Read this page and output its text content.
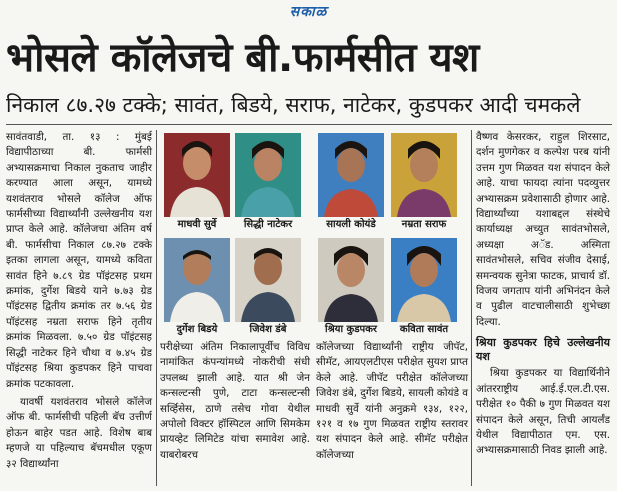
सकाळ
भोसले कॉलेजचे बी.फार्मसीत यश
निकाल ८७.२७ टक्के; सावंत, बिडये, सराफ, नाटेकर, कुडपकर आदी चमकले

सावंतवाडी, ता. १३ : मुंबई विद्यापीठाच्या बी. फार्मसी अभ्यासक्रमाचा निकाल नुकताच जाहीर करण्यात आला असून, यामध्ये यशवंतराव भोसले कॉलेज ऑफ फार्मसीच्या विद्यार्थ्यांनी उल्लेखनीय यश प्राप्त केले आहे. कॉलेजचा अंतिम वर्ष बी. फार्मसीचा निकाल ८७.२७ टक्के इतका लागला असून, यामध्ये कविता सावंत हिने ७.८९ ग्रेड पॉइंटसह प्रथम क्रमांक, दुर्गेश बिडये याने ७.७३ ग्रेड पॉइंटसह द्वितीय क्रमांक तर ७.५६ ग्रेड पॉइंटसह नम्रता सराफ हिने तृतीय क्रमांक मिळवला. ७.५० ग्रेड पॉइंटसह सिद्धी नाटेकर हिने चौथा व ७.४५ ग्रेड पॉइंटसह श्रिया कुडपकर हिने पाचवा क्रमांक पटकावला.

यावर्षी यशवंतराव भोसले कॉलेज ऑफ बी. फार्मसीची पहिली बॅच उत्तीर्ण होऊन बाहेर पडत आहे. विशेष बाब म्हणजे या पहिल्याच बॅचमधील एकूण ३२ विद्यार्थ्यांना

माधवी सुर्वे	सिद्धी नाटेकर	सायली कोयंडे	नम्रता सराफ
दुर्गेश बिडये	जिवेश डंबे	श्रिया कुडपकर	कविता सावंत

परीक्षेच्या अंतिम निकालापूर्वीच विविध नामांकित कंपन्यांमध्ये नोकरीची संधी उपलब्ध झाली आहे. यात श्री जेन कन्सल्टन्सी पुणे, टाटा कन्सल्टन्सी सर्व्हिसेस, ठाणे तसेच गोवा येथील अपोलो विक्टर हॉस्पिटल आणि सिमकेम प्रायव्हेट लिमिटेड यांचा समावेश आहे. याबरोबरच

कॉलेजच्या विद्यार्थ्यांनी राष्ट्रीय जीपॅट, सीमॅट, आयएलटीएस परीक्षेत सुयश प्राप्त केले आहे. जीपॅट परीक्षेत कॉलेजच्या जिवेश डंबे, दुर्गेश बिडये, सायली कोयंडे व माधवी सुर्वे यांनी अनुक्रमे १३४, १२२, १२१ व १७ गुण मिळवत राष्ट्रीय स्तरावर यश संपादन केले आहे. सीमॅट परीक्षेत कॉलेजच्या

वैष्णव केसरकर, राहुल शिरसाट, दर्शन मुणगेकर व कल्पेश परब यांनी उत्तम गुण मिळवत यश संपादन केले आहे. याचा फायदा त्यांना पदव्युत्तर अभ्यासक्रम प्रवेशासाठी होणार आहे. विद्यार्थ्यांच्या यशाबद्दल संस्थेचे कार्याध्यक्ष अच्युत सावंतभोसले, अध्यक्षा अॅड. अस्मिता सावंतभोसले, सचिव संजीव देसाई, समन्वयक सुनेत्रा फाटक, प्राचार्य डॉ. विजय जगताप यांनी अभिनंदन केले व पुढील वाटचालीसाठी शुभेच्छा दिल्या.

श्रिया कुडपकर हिचे उल्लेखनीय यश

श्रिया कुडपकर या विद्यार्थिनीने आंतरराष्ट्रीय आई.ई.एल.टी.एस. परीक्षेत १० पैकी ७ गुण मिळवत यश संपादन केले असून, तिची आयर्लंड येथील विद्यापीठात एम. एस. अभ्यासक्रमासाठी निवड झाली आहे.
